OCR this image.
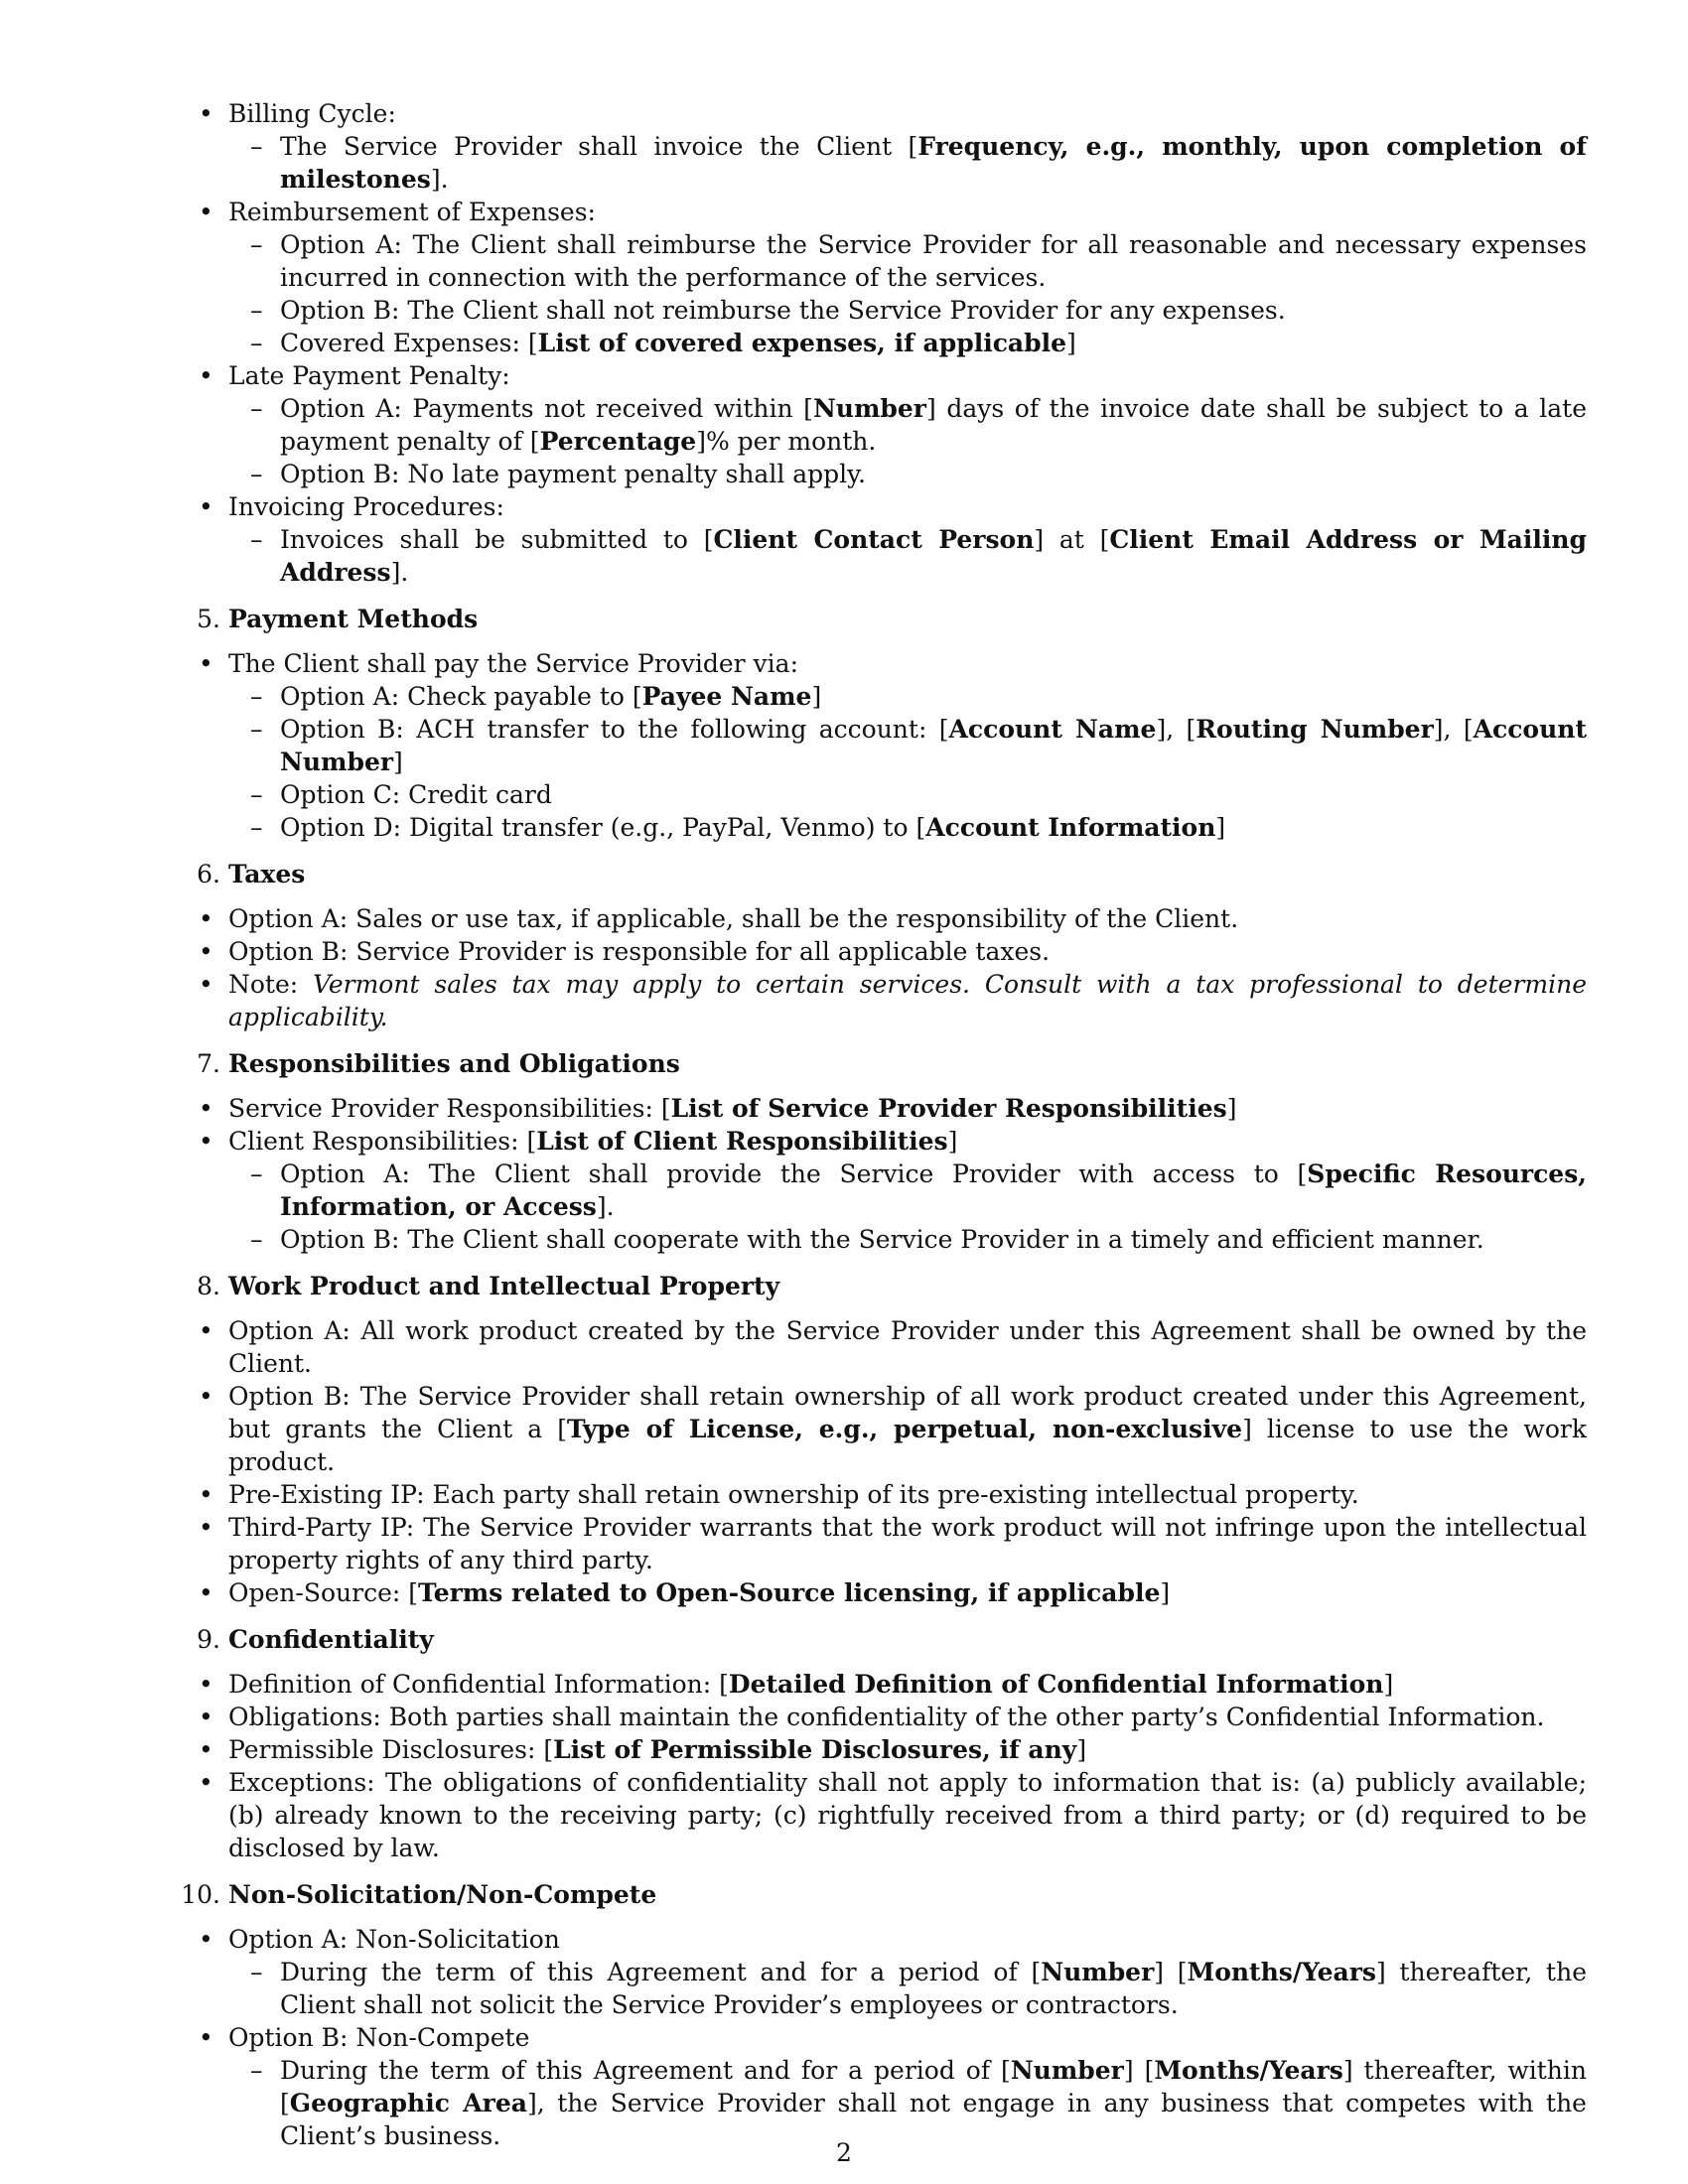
• Billing Cycle:
– The Service Provider shall invoice the Client [Frequency, e.g., monthly, upon completion of milestones].
• Reimbursement of Expenses:
– Option A: The Client shall reimburse the Service Provider for all reasonable and necessary expenses incurred in connection with the performance of the services.
– Option B: The Client shall not reimburse the Service Provider for any expenses.
– Covered Expenses: [List of covered expenses, if applicable]
• Late Payment Penalty:
– Option A: Payments not received within [Number] days of the invoice date shall be subject to a late payment penalty of [Percentage]% per month.
– Option B: No late payment penalty shall apply.
• Invoicing Procedures:
– Invoices shall be submitted to [Client Contact Person] at [Client Email Address or Mailing Address].
5. Payment Methods
• The Client shall pay the Service Provider via:
– Option A: Check payable to [Payee Name]
– Option B: ACH transfer to the following account: [Account Name], [Routing Number], [Account Number]
– Option C: Credit card
– Option D: Digital transfer (e.g., PayPal, Venmo) to [Account Information]
6. Taxes
• Option A: Sales or use tax, if applicable, shall be the responsibility of the Client.
• Option B: Service Provider is responsible for all applicable taxes.
• Note: Vermont sales tax may apply to certain services. Consult with a tax professional to determine applicability.
7. Responsibilities and Obligations
• Service Provider Responsibilities: [List of Service Provider Responsibilities]
• Client Responsibilities: [List of Client Responsibilities]
– Option A: The Client shall provide the Service Provider with access to [Specific Resources, Information, or Access].
– Option B: The Client shall cooperate with the Service Provider in a timely and efficient manner.
8. Work Product and Intellectual Property
• Option A: All work product created by the Service Provider under this Agreement shall be owned by the Client.
• Option B: The Service Provider shall retain ownership of all work product created under this Agreement, but grants the Client a [Type of License, e.g., perpetual, non-exclusive] license to use the work product.
• Pre-Existing IP: Each party shall retain ownership of its pre-existing intellectual property.
• Third-Party IP: The Service Provider warrants that the work product will not infringe upon the intellectual property rights of any third party.
• Open-Source: [Terms related to Open-Source licensing, if applicable]
9. Confidentiality
• Definition of Confidential Information: [Detailed Definition of Confidential Information]
• Obligations: Both parties shall maintain the confidentiality of the other party’s Confidential Information.
• Permissible Disclosures: [List of Permissible Disclosures, if any]
• Exceptions: The obligations of confidentiality shall not apply to information that is: (a) publicly available; (b) already known to the receiving party; (c) rightfully received from a third party; or (d) required to be disclosed by law.
10. Non-Solicitation/Non-Compete
• Option A: Non-Solicitation
– During the term of this Agreement and for a period of [Number] [Months/Years] thereafter, the Client shall not solicit the Service Provider’s employees or contractors.
• Option B: Non-Compete
– During the term of this Agreement and for a period of [Number] [Months/Years] thereafter, within [Geographic Area], the Service Provider shall not engage in any business that competes with the Client’s business.
2
